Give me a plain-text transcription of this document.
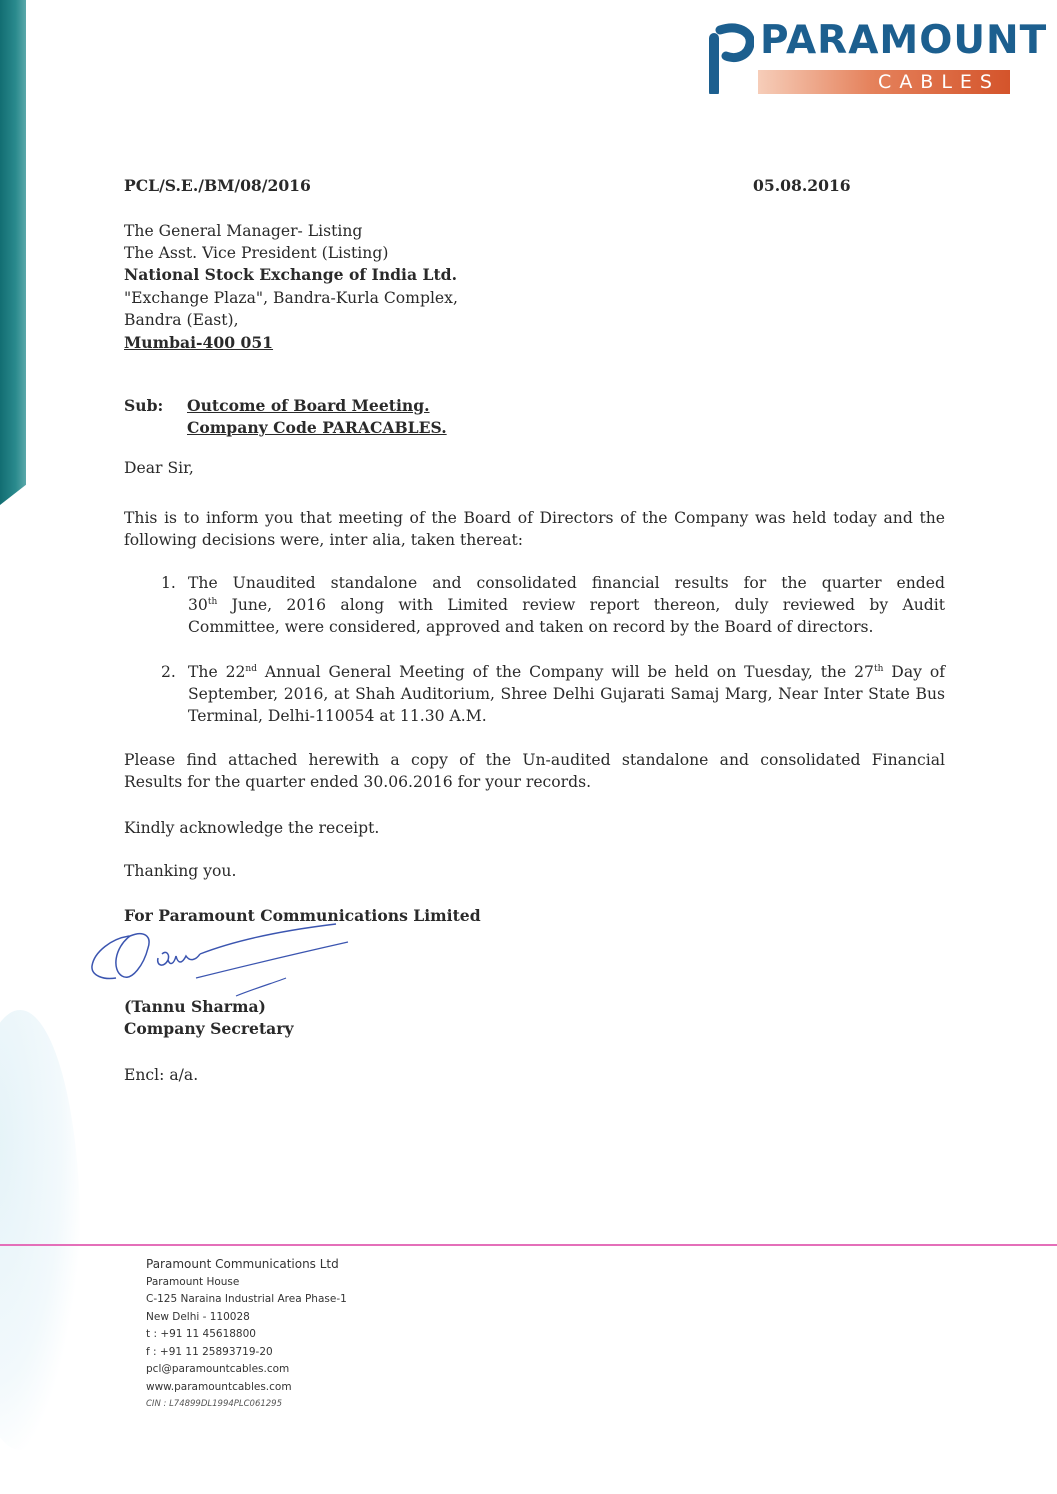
PARAMOUNT
CABLES
PCL/S.E./BM/08/2016	05.08.2016
The General Manager- Listing
The Asst. Vice President (Listing)
National Stock Exchange of India Ltd.
"Exchange Plaza", Bandra-Kurla Complex,
Bandra (East),
Mumbai-400 051
Sub: Outcome of Board Meeting.
Company Code PARACABLES.
Dear Sir,
This is to inform you that meeting of the Board of Directors of the Company was held today and the
following decisions were, inter alia, taken thereat:
1. The Unaudited standalone and consolidated financial results for the quarter ended
30th June, 2016 along with Limited review report thereon, duly reviewed by Audit
Committee, were considered, approved and taken on record by the Board of directors.
2. The 22nd Annual General Meeting of the Company will be held on Tuesday, the 27th Day of
September, 2016, at Shah Auditorium, Shree Delhi Gujarati Samaj Marg, Near Inter State Bus
Terminal, Delhi-110054 at 11.30 A.M.
Please find attached herewith a copy of the Un-audited standalone and consolidated Financial
Results for the quarter ended 30.06.2016 for your records.
Kindly acknowledge the receipt.
Thanking you.
For Paramount Communications Limited
(Tannu Sharma)
Company Secretary
Encl: a/a.
Paramount Communications Ltd
Paramount House
C-125 Naraina Industrial Area Phase-1
New Delhi - 110028
t : +91 11 45618800
f : +91 11 25893719-20
pcl@paramountcables.com
www.paramountcables.com
CIN : L74899DL1994PLC061295
